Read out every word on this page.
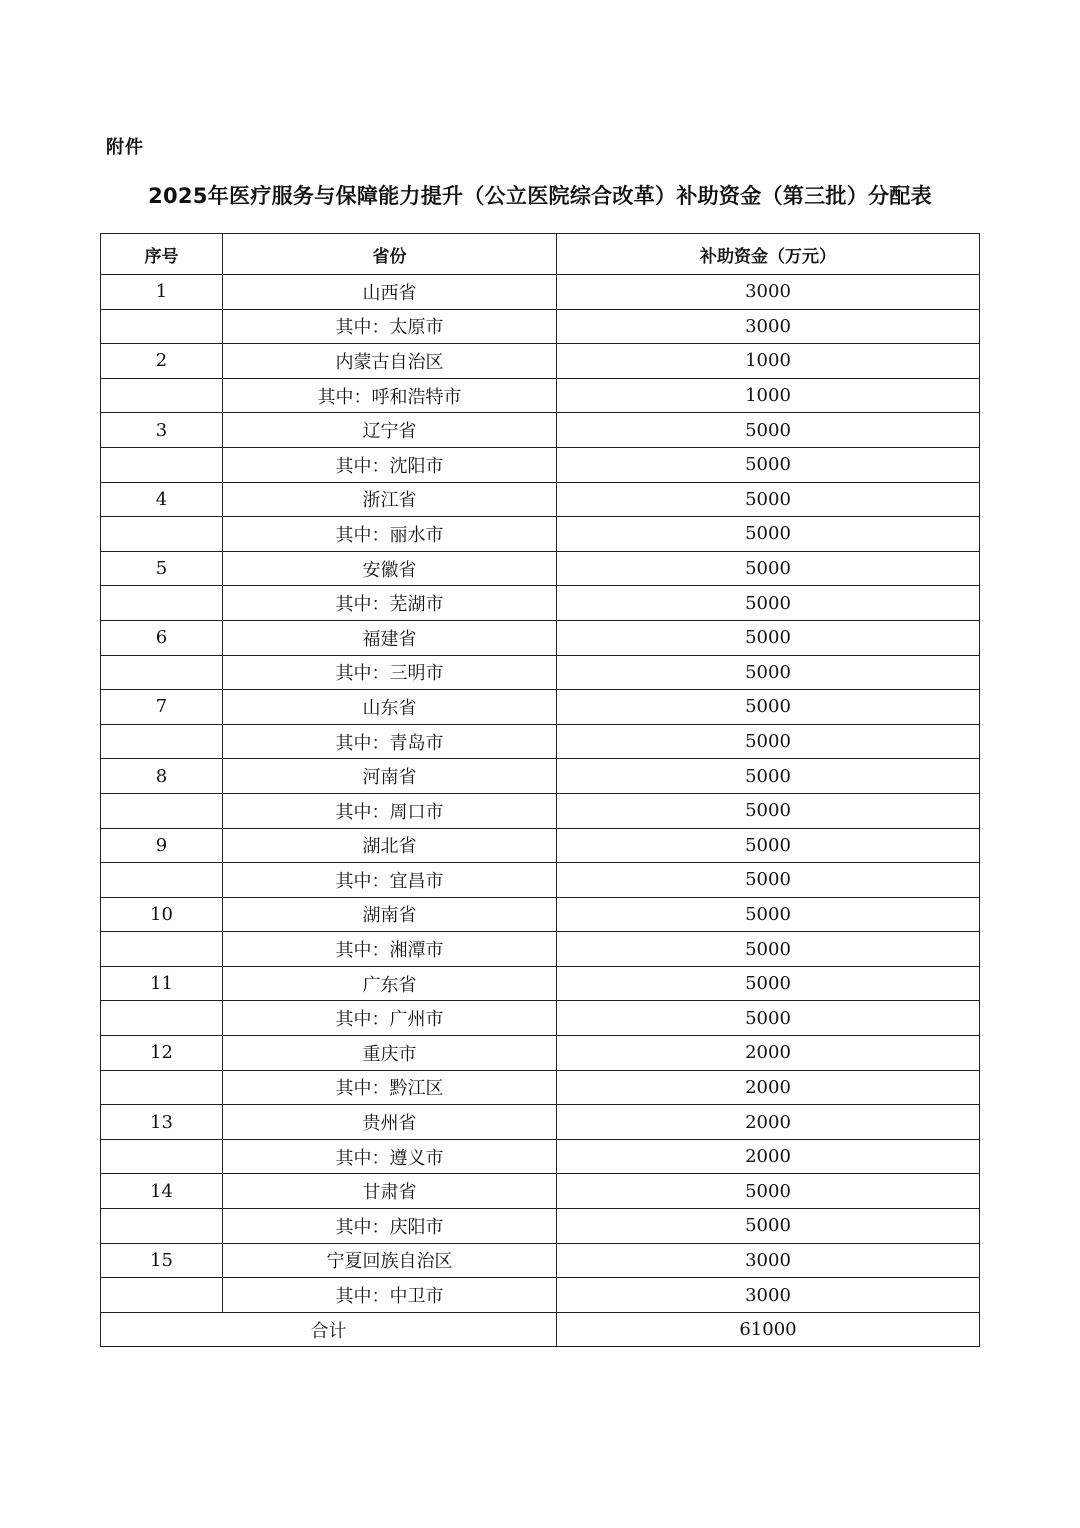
附件
2025年医疗服务与保障能力提升（公立医院综合改革）补助资金（第三批）分配表
序号	省份	补助资金（万元）
1	山西省	3000
	其中：太原市	3000
2	内蒙古自治区	1000
	其中：呼和浩特市	1000
3	辽宁省	5000
	其中：沈阳市	5000
4	浙江省	5000
	其中：丽水市	5000
5	安徽省	5000
	其中：芜湖市	5000
6	福建省	5000
	其中：三明市	5000
7	山东省	5000
	其中：青岛市	5000
8	河南省	5000
	其中：周口市	5000
9	湖北省	5000
	其中：宜昌市	5000
10	湖南省	5000
	其中：湘潭市	5000
11	广东省	5000
	其中：广州市	5000
12	重庆市	2000
	其中：黔江区	2000
13	贵州省	2000
	其中：遵义市	2000
14	甘肃省	5000
	其中：庆阳市	5000
15	宁夏回族自治区	3000
	其中：中卫市	3000
合计		61000
